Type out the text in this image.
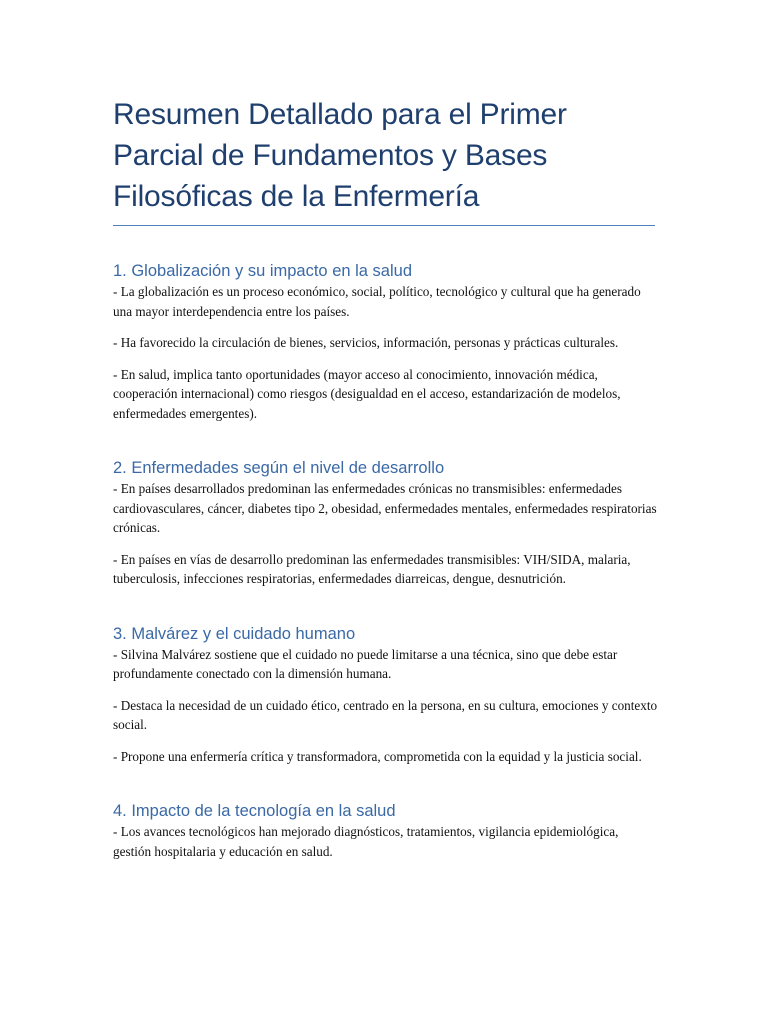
Resumen Detallado para el Primer Parcial de Fundamentos y Bases Filosóficas de la Enfermería
1. Globalización y su impacto en la salud

- La globalización es un proceso económico, social, político, tecnológico y cultural que ha generado una mayor interdependencia entre los países.

- Ha favorecido la circulación de bienes, servicios, información, personas y prácticas culturales.

- En salud, implica tanto oportunidades (mayor acceso al conocimiento, innovación médica, cooperación internacional) como riesgos (desigualdad en el acceso, estandarización de modelos, enfermedades emergentes).

2. Enfermedades según el nivel de desarrollo

- En países desarrollados predominan las enfermedades crónicas no transmisibles: enfermedades cardiovasculares, cáncer, diabetes tipo 2, obesidad, enfermedades mentales, enfermedades respiratorias crónicas.

- En países en vías de desarrollo predominan las enfermedades transmisibles: VIH/SIDA, malaria, tuberculosis, infecciones respiratorias, enfermedades diarreicas, dengue, desnutrición.

3. Malvárez y el cuidado humano

- Silvina Malvárez sostiene que el cuidado no puede limitarse a una técnica, sino que debe estar profundamente conectado con la dimensión humana.

- Destaca la necesidad de un cuidado ético, centrado en la persona, en su cultura, emociones y contexto social.

- Propone una enfermería crítica y transformadora, comprometida con la equidad y la justicia social.

4. Impacto de la tecnología en la salud

- Los avances tecnológicos han mejorado diagnósticos, tratamientos, vigilancia epidemiológica, gestión hospitalaria y educación en salud.
